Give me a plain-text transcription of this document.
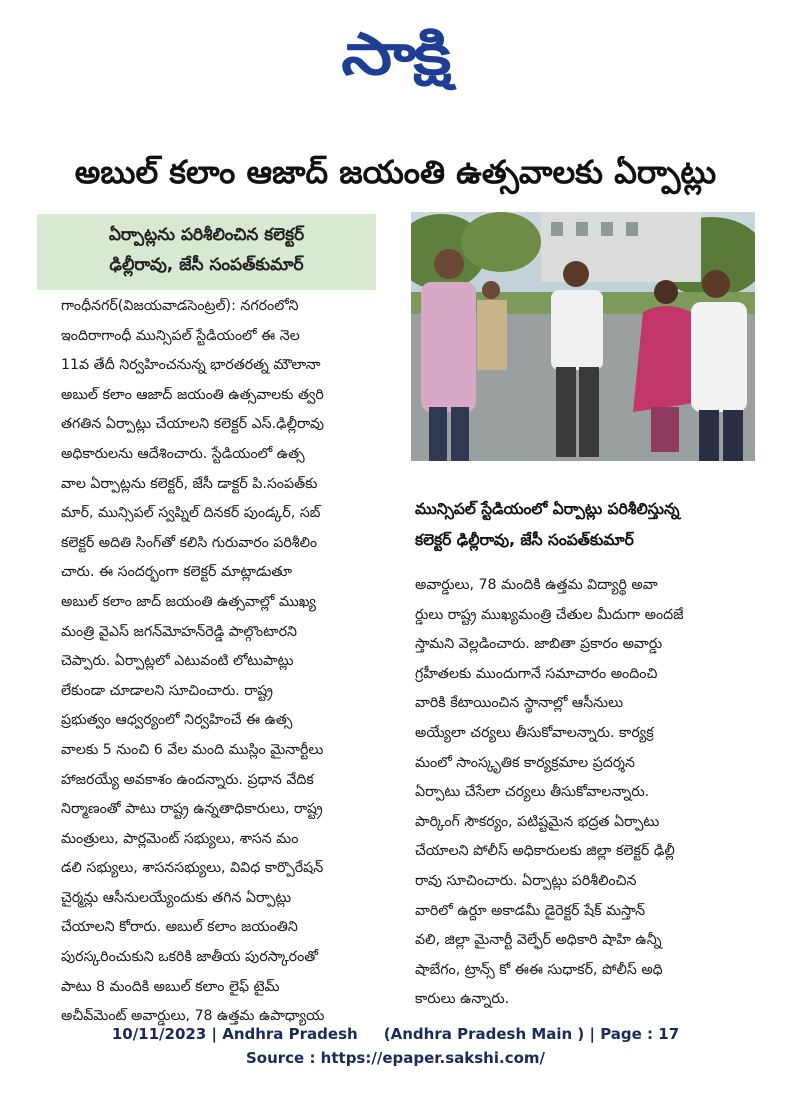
సాక్షి
అబుల్ కలాం ఆజాద్ జయంతి ఉత్సవాలకు ఏర్పాట్లు
ఏర్పాట్లను పరిశీలించిన కలెక్టర్
ఢిల్లీరావు, జేసీ సంపత్‌కుమార్
గాంధీనగర్(విజయవాడసెంట్రల్): నగరంలోని
ఇందిరాగాంధీ మున్సిపల్ స్టేడియంలో ఈ నెల
11వ తేదీ నిర్వహించనున్న భారతరత్న మౌలానా
అబుల్ కలాం ఆజాద్ జయంతి ఉత్సవాలకు త్వరి
తగతిన ఏర్పాట్లు చేయాలని కలెక్టర్ ఎస్.ఢిల్లీరావు
అధికారులను ఆదేశించారు. స్టేడియంలో ఉత్స
వాల ఏర్పాట్లను కలెక్టర్, జేసీ డాక్టర్ పి.సంపత్‌కు
మార్, మున్సిపల్ స్వప్నిల్ దినకర్ పుండ్కర్, సబ్
కలెక్టర్ అదితి సింగ్‌తో కలిసి గురువారం పరిశీలిం
చారు. ఈ సందర్భంగా కలెక్టర్ మాట్లాడుతూ
అబుల్ కలాం జాద్ జయంతి ఉత్సవాల్లో ముఖ్య
మంత్రి వైఎస్ జగన్‌మోహన్‌రెడ్డి పాల్గొంటారని
చెప్పారు. ఏర్పాట్లలో ఎటువంటి లోటుపాట్లు
లేకుండా చూడాలని సూచించారు. రాష్ట్ర
ప్రభుత్వం ఆధ్వర్యంలో నిర్వహించే ఈ ఉత్స
వాలకు 5 నుంచి 6 వేల మంది ముస్లిం మైనార్టీలు
హాజరయ్యే అవకాశం ఉందన్నారు. ప్రధాన వేదిక
నిర్మాణంతో పాటు రాష్ట్ర ఉన్నతాధికారులు, రాష్ట్ర
మంత్రులు, పార్లమెంట్ సభ్యులు, శాసన మం
డలి సభ్యులు, శాసనసభ్యులు, వివిధ కార్పొరేషన్
చైర్మన్లు ఆసీనులయ్యేందుకు తగిన ఏర్పాట్లు
చేయాలని కోరారు. అబుల్ కలాం జయంతిని
పురస్కరించుకుని ఒకరికి జాతీయ పురస్కారంతో
పాటు 8 మందికి అబుల్ కలాం లైఫ్ టైమ్
అచీవ్‌మెంట్ అవార్డులు, 78 ఉత్తమ ఉపాధ్యాయ
మున్సిపల్ స్టేడియంలో ఏర్పాట్లు పరిశీలిస్తున్న
కలెక్టర్ ఢిల్లీరావు, జేసీ సంపత్‌కుమార్
అవార్డులు, 78 మందికి ఉత్తమ విద్యార్థి అవా
ర్డులు రాష్ట్ర ముఖ్యమంత్రి చేతుల మీదుగా అందజే
స్తామని వెల్లడించారు. జాబితా ప్రకారం అవార్డు
గ్రహీతలకు ముందుగానే సమాచారం అందించి
వారికి కేటాయించిన స్థానాల్లో ఆసీనులు
అయ్యేలా చర్యలు తీసుకోవాలన్నారు. కార్యక్ర
మంలో సాంస్కృతిక కార్యక్రమాల ప్రదర్శన
ఏర్పాటు చేసేలా చర్యలు తీసుకోవాలన్నారు.
పార్కింగ్ సౌకర్యం, పటిష్టమైన భద్రత ఏర్పాటు
చేయాలని పోలీస్ అధికారులకు జిల్లా కలెక్టర్ ఢిల్లీ
రావు సూచించారు. ఏర్పాట్లు పరిశీలించిన
వారిలో ఉర్దూ అకాడమీ డైరెక్టర్ షేక్ మస్తాన్
వలి, జిల్లా మైనార్టీ వెల్ఫేర్ అధికారి షాహి ఉన్నీ
షాబేగం, ట్రాన్స్ కో ఈఈ సుధాకర్, పోలీస్ అధి
కారులు ఉన్నారు.
10/11/2023 | Andhra Pradesh     (Andhra Pradesh Main ) | Page : 17
Source : https://epaper.sakshi.com/
